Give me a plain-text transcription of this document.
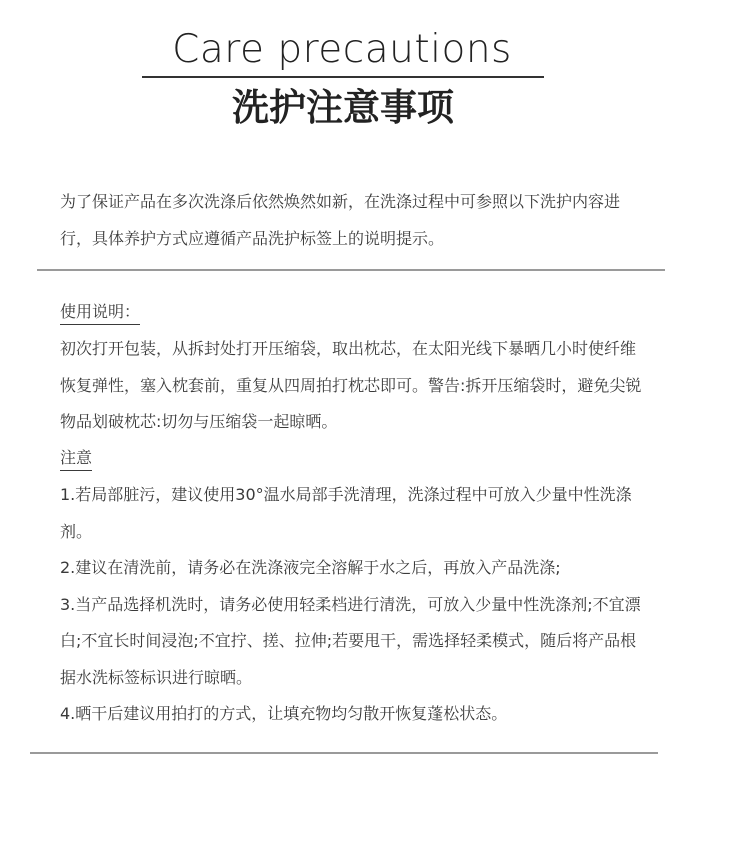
Care precautions
洗护注意事项

为了保证产品在多次洗涤后依然焕然如新，在洗涤过程中可参照以下洗护内容进行，具体养护方式应遵循产品洗护标签上的说明提示。

使用说明：

初次打开包装，从拆封处打开压缩袋，取出枕芯，在太阳光线下暴晒几小时使纤维恢复弹性，塞入枕套前，重复从四周拍打枕芯即可。警告:拆开压缩袋时，避免尖锐物品划破枕芯:切勿与压缩袋一起晾晒。

注意

1.若局部脏污，建议使用30°温水局部手洗清理，洗涤过程中可放入少量中性洗涤剂。

2.建议在清洗前，请务必在洗涤液完全溶解于水之后，再放入产品洗涤;

3.当产品选择机洗时，请务必使用轻柔档进行清洗，可放入少量中性洗涤剂;不宜漂白;不宜长时间浸泡;不宜拧、搓、拉伸;若要甩干，需选择轻柔模式，随后将产品根据水洗标签标识进行晾晒。

4.晒干后建议用拍打的方式，让填充物均匀散开恢复蓬松状态。
